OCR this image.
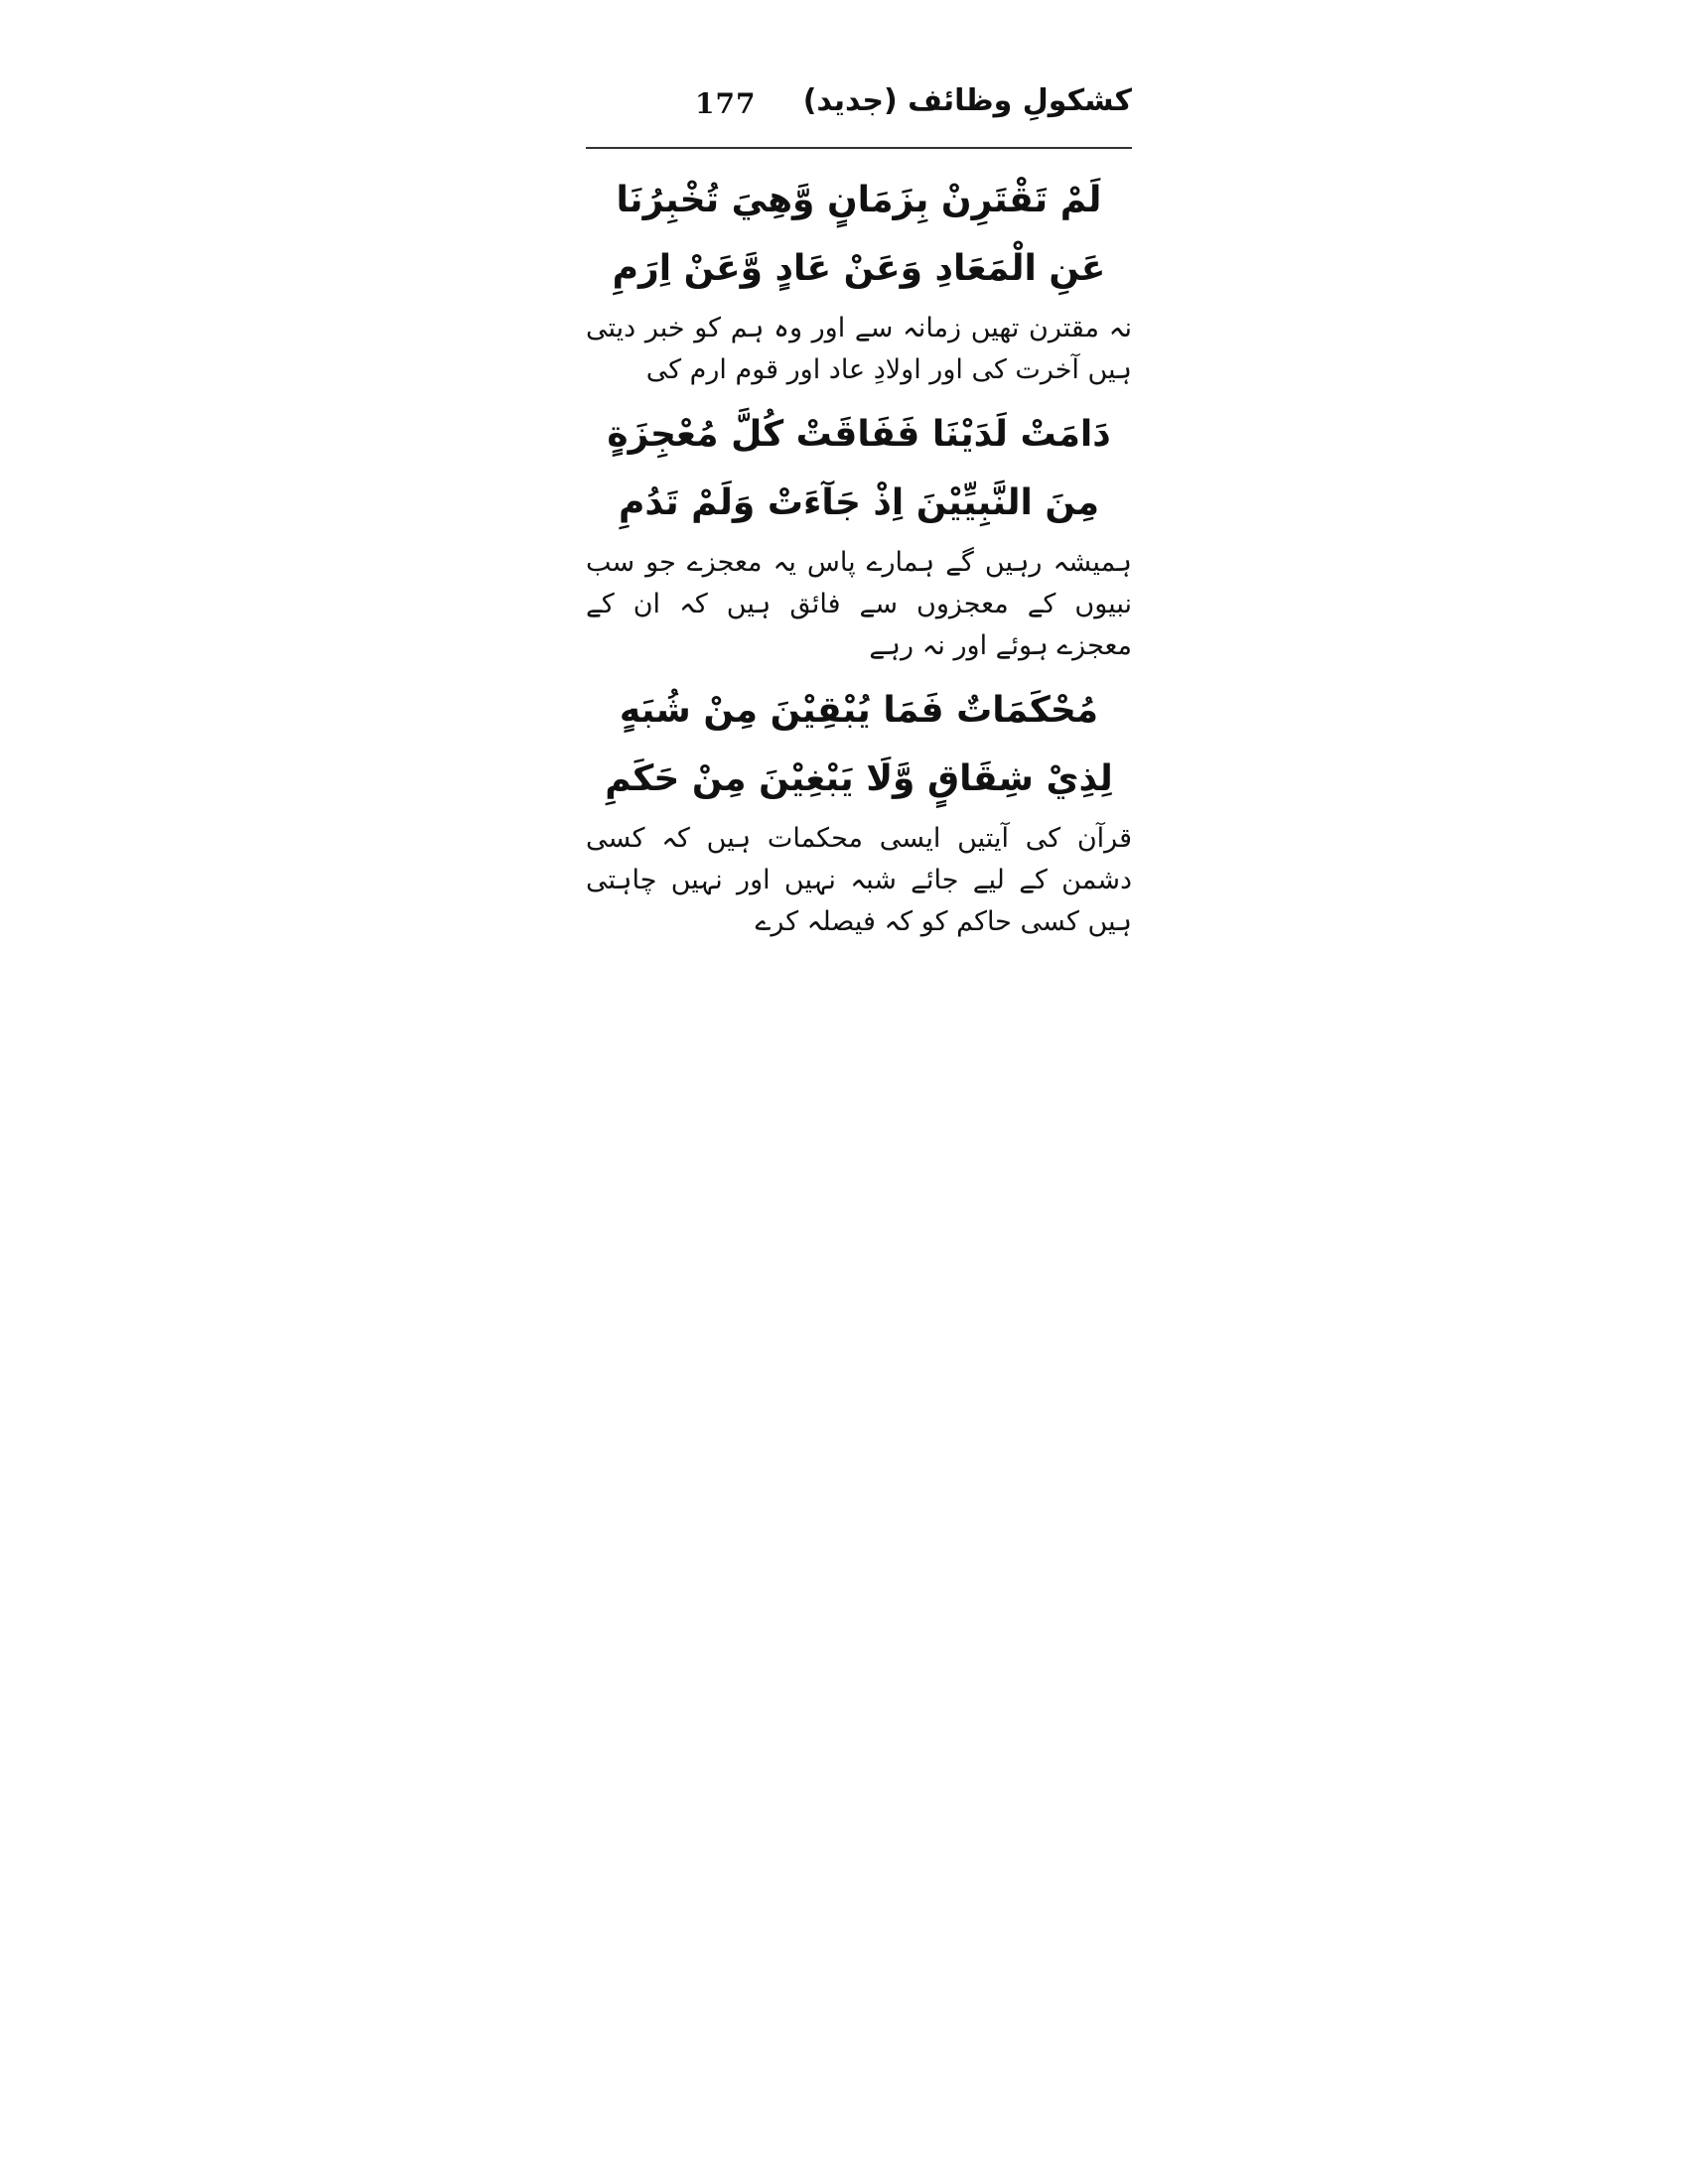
177 کشکولِ وظائف (جدید)

لَمْ تَقْتَرِنْ بِزَمَانٍ وَّهِيَ تُخْبِرُنَا

عَنِ الْمَعَادِ وَعَنْ عَادٍ وَّعَنْ اِرَمِ

نہ مقترن تھیں زمانہ سے اور وہ ہم کو خبر دیتی ہیں آخرت کی اور اولادِ عاد اور قوم ارم کی

دَامَتْ لَدَيْنَا فَفَاقَتْ كُلَّ مُعْجِزَةٍ

مِنَ النَّبِيِّيْنَ اِذْ جَآءَتْ وَلَمْ تَدُمِ

ہمیشہ رہیں گے ہمارے پاس یہ معجزے جو سب نبیوں کے معجزوں سے فائق ہیں کہ ان کے معجزے ہوئے اور نہ رہے

مُحْكَمَاتٌ فَمَا يُبْقِيْنَ مِنْ شُبَهٍ

لِذِيْ شِقَاقٍ وَّلَا يَبْغِيْنَ مِنْ حَكَمِ

قرآن کی آیتیں ایسی محکمات ہیں کہ کسی دشمن کے لیے جائے شبہ نہیں اور نہیں چاہتی ہیں کسی حاکم کو کہ فیصلہ کرے
